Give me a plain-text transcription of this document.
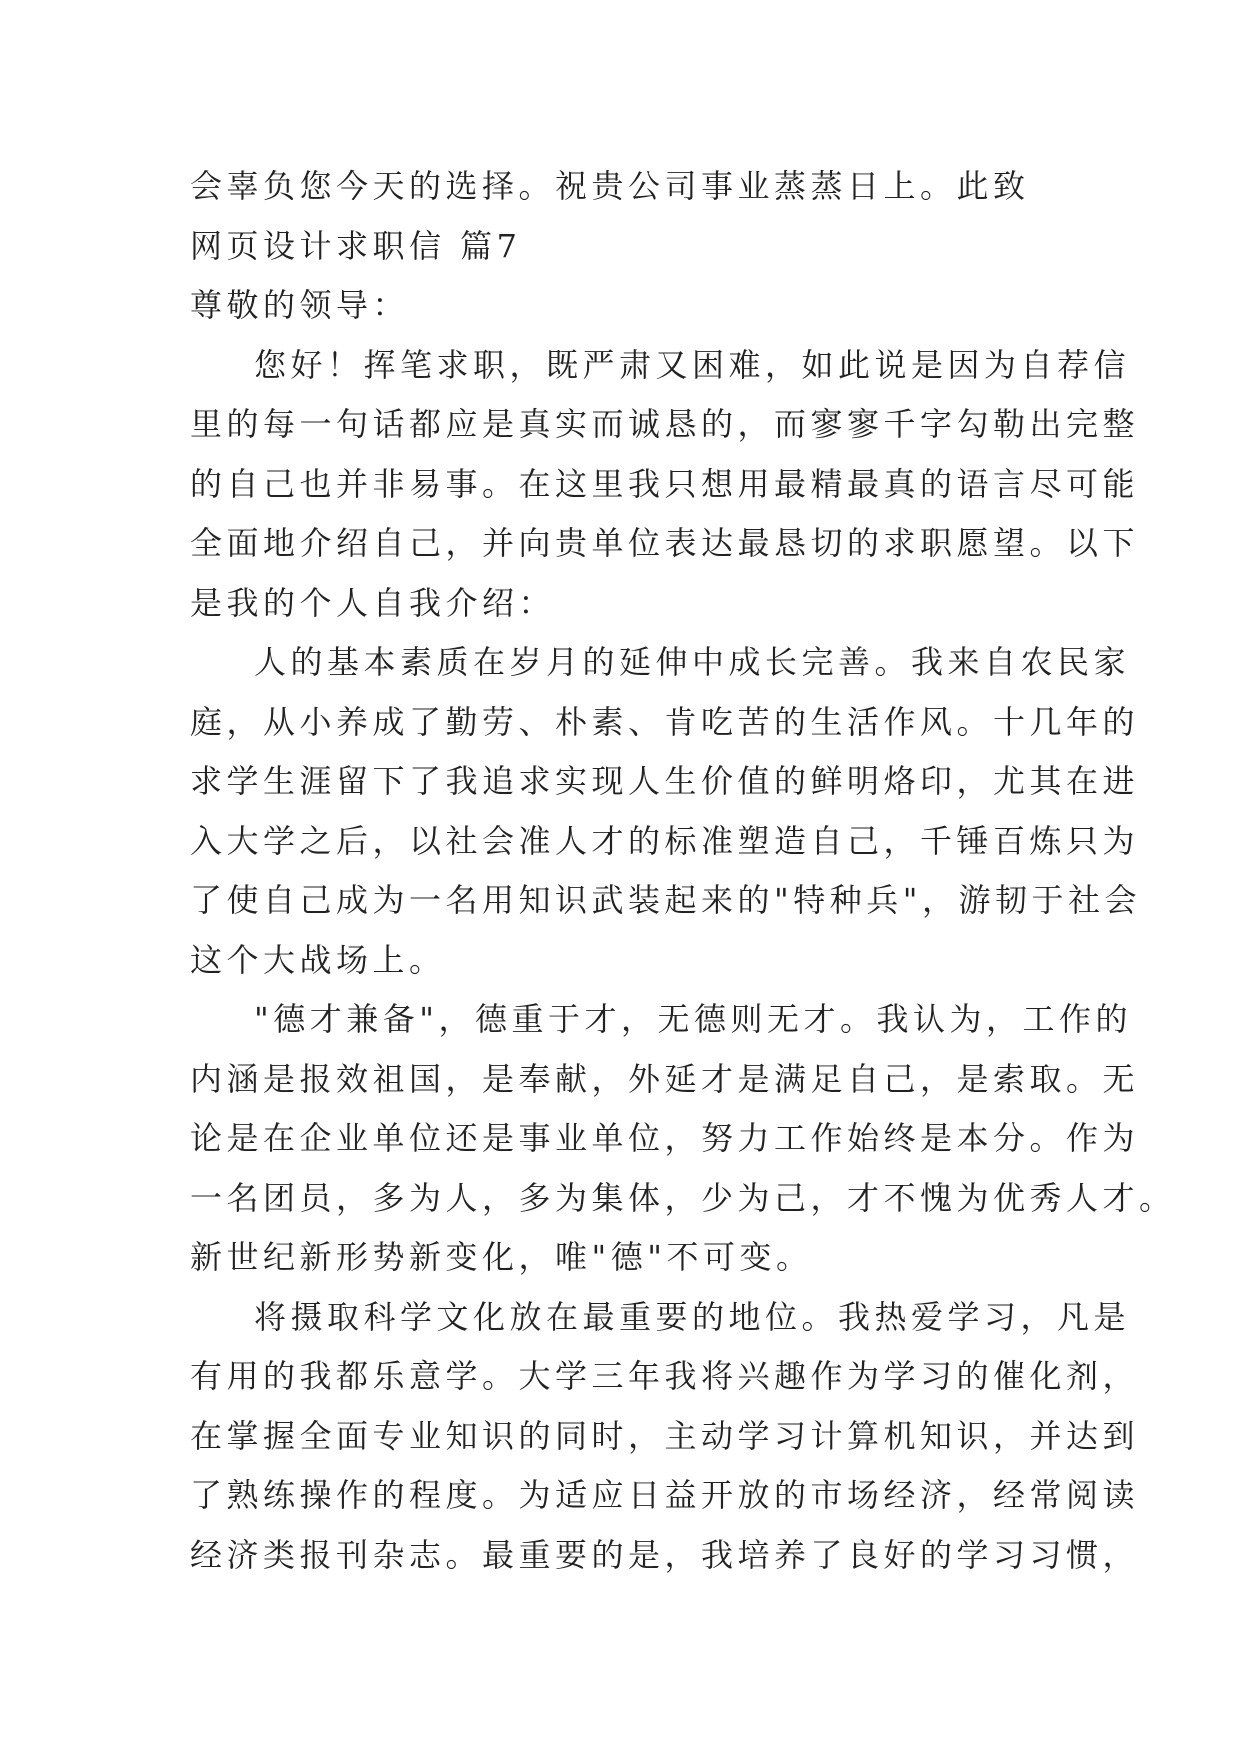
会辜负您今天的选择。祝贵公司事业蒸蒸日上。此致
网页设计求职信 篇7
尊敬的领导：
您好！挥笔求职，既严肃又困难，如此说是因为自荐信
里的每一句话都应是真实而诚恳的，而寥寥千字勾勒出完整
的自己也并非易事。在这里我只想用最精最真的语言尽可能
全面地介绍自己，并向贵单位表达最恳切的求职愿望。以下
是我的个人自我介绍：
人的基本素质在岁月的延伸中成长完善。我来自农民家
庭，从小养成了勤劳、朴素、肯吃苦的生活作风。十几年的
求学生涯留下了我追求实现人生价值的鲜明烙印，尤其在进
入大学之后，以社会准人才的标准塑造自己，千锤百炼只为
了使自己成为一名用知识武装起来的"特种兵"，游韧于社会
这个大战场上。
"德才兼备"，德重于才，无德则无才。我认为，工作的
内涵是报效祖国，是奉献，外延才是满足自己，是索取。无
论是在企业单位还是事业单位，努力工作始终是本分。作为
一名团员，多为人，多为集体，少为己，才不愧为优秀人才。
新世纪新形势新变化，唯"德"不可变。
将摄取科学文化放在最重要的地位。我热爱学习，凡是
有用的我都乐意学。大学三年我将兴趣作为学习的催化剂，
在掌握全面专业知识的同时，主动学习计算机知识，并达到
了熟练操作的程度。为适应日益开放的市场经济，经常阅读
经济类报刊杂志。最重要的是，我培养了良好的学习习惯，
